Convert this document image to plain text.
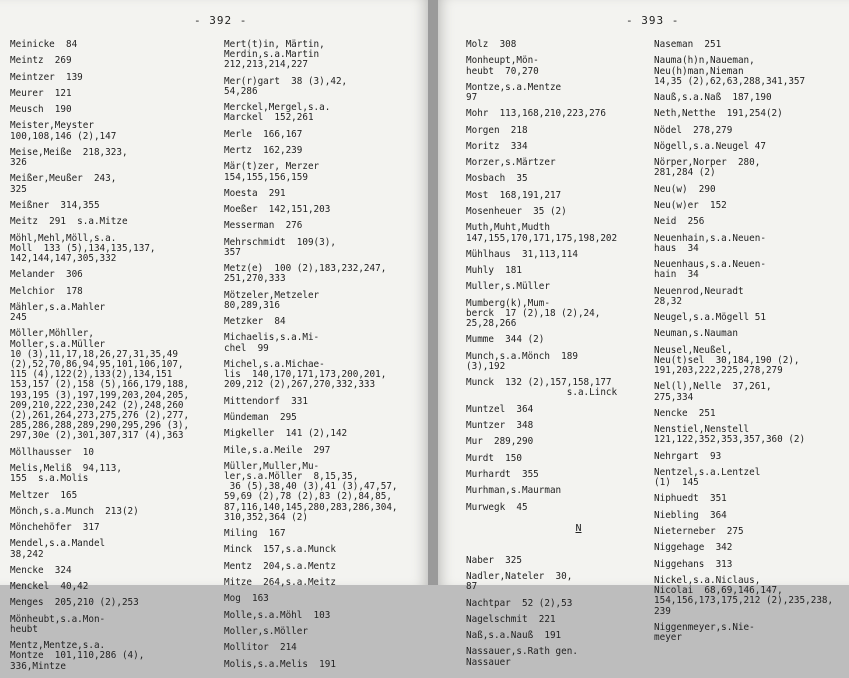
- 392 -
Meinicke  84
Meintz  269
Meintzer  139
Meurer  121
Meusch  190
Meister,Meyster
100,108,146 (2),147
Meise,Meiße  218,323,
326
Meißer,Meußer  243,
325
Meißner  314,355
Meitz  291  s.a.Mitze
Möhl,Mehl,Möll,s.a.
Moll  133 (5),134,135,137,
142,144,147,305,332
Melander  306
Melchior  178
Mähler,s.a.Mahler
245
Möller,Möhller,
Moller,s.a.Müller
10 (3),11,17,18,26,27,31,35,49
(2),52,70,86,94,95,101,106,107,
115 (4),122(2),133(2),134,151
153,157 (2),158 (5),166,179,188,
193,195 (3),197,199,203,204,205,
209,210,222,230,242 (2),248,260
(2),261,264,273,275,276 (2),277,
285,286,288,289,290,295,296 (3),
297,30e (2),301,307,317 (4),363
Möllhausser  10
Melis,Meliß  94,113,
155  s.a.Molis
Meltzer  165
Mönch,s.a.Munch  213(2)
Mönchehöfer  317
Mendel,s.a.Mandel
38,242
Mencke  324
Menckel  40,42
Menges  205,210 (2),253
Mönheubt,s.a.Mon-
heubt
Mentz,Mentze,s.a.
Montze  101,110,286 (4),
336,Mintze
Mert(t)in, Märtin,
Merdin,s.a.Martin
212,213,214,227
Mer(r)gart  38 (3),42,
54,286
Merckel,Mergel,s.a.
Marckel  152,261
Merle  166,167
Mertz  162,239
Mär(t)zer, Merzer
154,155,156,159
Moesta  291
Moeßer  142,151,203
Messerman  276
Mehrschmidt  109(3),
357
Metz(e)  100 (2),183,232,247,
251,270,333
Mötzeler,Metzeler
80,289,316
Metzker  84
Michaelis,s.a.Mi-
chel  99
Michel,s.a.Michae-
lis  140,170,171,173,200,201,
209,212 (2),267,270,332,333
Mittendorf  331
Mündeman  295
Migkeller  141 (2),142
Mile,s.a.Meile  297
Müller,Muller,Mu-
ler,s.a.Möller  8,15,35,
36 (5),38,40 (3),41 (3),47,57,
59,69 (2),78 (2),83 (2),84,85,
87,116,140,145,280,283,286,304,
310,352,364 (2)
Miling  167
Minck  157,s.a.Munck
Mentz  204,s.a.Mentz
Mitze  264,s.a.Meitz
Mog  163
Molle,s.a.Möhl  103
Moller,s.Möller
Mollitor  214
Molis,s.a.Melis  191
- 393 -
Molz  308
Monheupt,Mön-
heubt  70,270
Montze,s.a.Mentze
97
Mohr  113,168,210,223,276
Morgen  218
Moritz  334
Morzer,s.Märtzer
Mosbach  35
Most  168,191,217
Mosenheuer  35 (2)
Muth,Muht,Mudth
147,155,170,171,175,198,202
Mühlhaus  31,113,114
Muhly  181
Muller,s.Müller
Mumberg(k),Mum-
berck  17 (2),18 (2),24,
25,28,266
Mumme  344 (2)
Munch,s.a.Mönch  189
(3),192
Munck  132 (2),157,158,177
s.a.Linck
Muntzel  364
Muntzer  348
Mur  289,290
Murdt  150
Murhardt  355
Murhman,s.Maurman
Murwegk  45
N
Naber  325
Nadler,Nateler  30,
87
Nachtpar  52 (2),53
Nagelschmit  221
Naß,s.a.Nauß  191
Nassauer,s.Rath gen.
Nassauer
Naseman  251
Nauma(h)n,Naueman,
Neu(h)man,Nieman
14,35 (2),62,63,288,341,357
Nauß,s.a.Naß  187,190
Neth,Netthe  191,254(2)
Nödel  278,279
Nögell,s.a.Neugel 47
Nörper,Norper  280,
281,284 (2)
Neu(w)  290
Neu(w)er  152
Neid  256
Neuenhain,s.a.Neuen-
haus  34
Neuenhaus,s.a.Neuen-
hain  34
Neuenrod,Neuradt
28,32
Neugel,s.a.Mögell 51
Neuman,s.Nauman
Neusel,Neußel,
Neu(t)sel  30,184,190 (2),
191,203,222,225,278,279
Nel(l),Nelle  37,261,
275,334
Nencke  251
Nenstiel,Nenstell
121,122,352,353,357,360 (2)
Nehrgart  93
Nentzel,s.a.Lentzel
(1)  145
Niphuedt  351
Niebling  364
Nieterneber  275
Niggehage  342
Niggehans  313
Nickel,s.a.Niclaus,
Nicolai  68,69,146,147,
154,156,173,175,212 (2),235,238,
239
Niggenmeyer,s.Nie-
meyer
